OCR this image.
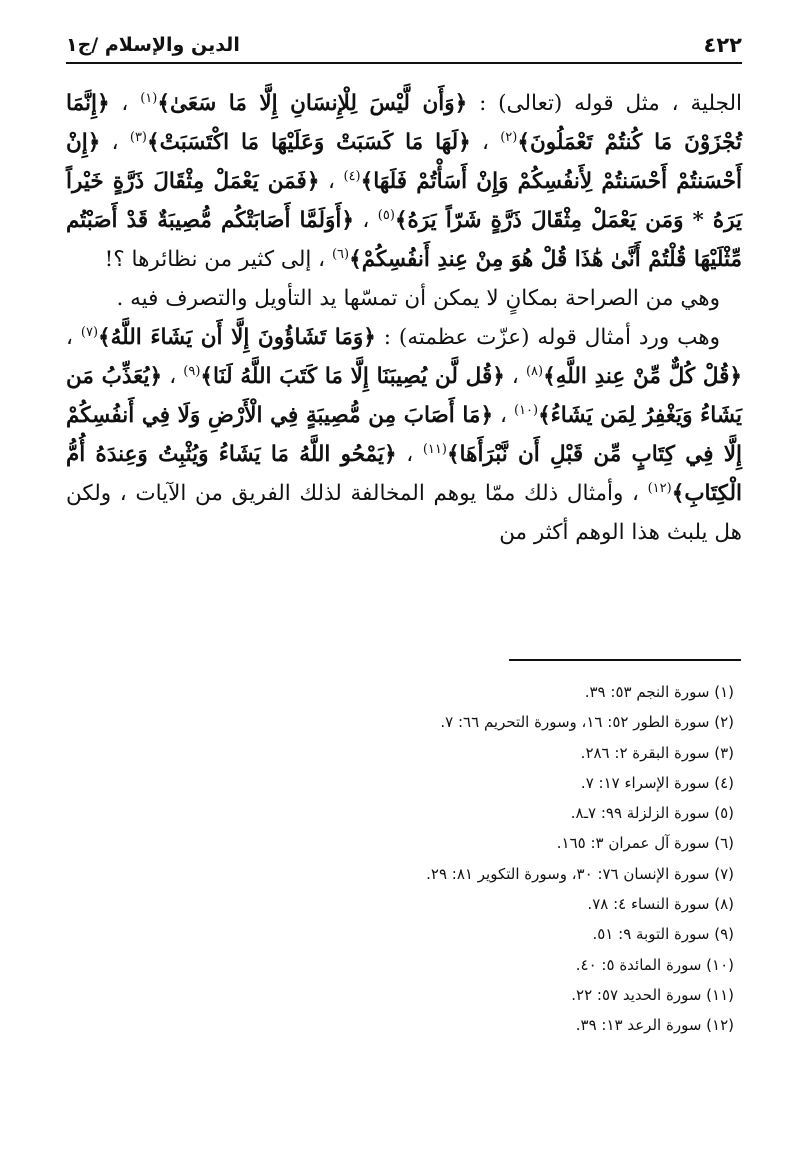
٤٢٢
الدين والإسلام /ج١

الجلية ، مثل قوله (تعالى) : ﴿وَأَن لَّيْسَ لِلْإِنسَانِ إِلَّا مَا سَعَىٰ﴾$^{(١)}$ ، ﴿إِنَّمَا تُجْزَوْنَ مَا كُنتُمْ تَعْمَلُونَ﴾$^{(٢)}$ ، ﴿لَهَا مَا كَسَبَتْ وَعَلَيْهَا مَا اكْتَسَبَتْ﴾$^{(٣)}$ ، ﴿إِنْ أَحْسَنتُمْ أَحْسَنتُمْ لِأَنفُسِكُمْ وَإِنْ أَسَأْتُمْ فَلَهَا﴾$^{(٤)}$ ، ﴿فَمَن يَعْمَلْ مِثْقَالَ ذَرَّةٍ خَيْراً يَرَهُ * وَمَن يَعْمَلْ مِثْقَالَ ذَرَّةٍ شَرّاً يَرَهُ﴾$^{(٥)}$ ، ﴿أَوَلَمَّا أَصَابَتْكُم مُّصِيبَةٌ قَدْ أَصَبْتُم مِّثْلَيْهَا قُلْتُمْ أَنَّىٰ هَٰذَا قُلْ هُوَ مِنْ عِندِ أَنفُسِكُمْ﴾$^{(٦)}$ ، إلى كثير من نظائرها ؟!

وهي من الصراحة بمكانٍ لا يمكن أن تمسّها يد التأويل والتصرف فيه .

وهب ورد أمثال قوله (عزّت عظمته) : ﴿وَمَا تَشَاؤُونَ إِلَّا أَن يَشَاءَ اللَّهُ﴾$^{(٧)}$ ، ﴿قُلْ كُلٌّ مِّنْ عِندِ اللَّهِ﴾$^{(٨)}$ ، ﴿قُل لَّن يُصِيبَنَا إِلَّا مَا كَتَبَ اللَّهُ لَنَا﴾$^{(٩)}$ ، ﴿يُعَذِّبُ مَن يَشَاءُ وَيَغْفِرُ لِمَن يَشَاءُ﴾$^{(١٠)}$ ، ﴿مَا أَصَابَ مِن مُّصِيبَةٍ فِي الْأَرْضِ وَلَا فِي أَنفُسِكُمْ إِلَّا فِي كِتَابٍ مِّن قَبْلِ أَن نَّبْرَأَهَا﴾$^{(١١)}$ ، ﴿يَمْحُو اللَّهُ مَا يَشَاءُ وَيُثْبِتُ وَعِندَهُ أُمُّ الْكِتَابِ﴾$^{(١٢)}$ ، وأمثال ذلك ممّا يوهم المخالفة لذلك الفريق من الآيات ، ولكن هل يلبث هذا الوهم أكثر من

(١) سورة النجم ٥٣: ٣٩.
(٢) سورة الطور ٥٢: ١٦، وسورة التحريم ٦٦: ٧.
(٣) سورة البقرة ٢: ٢٨٦.
(٤) سورة الإسراء ١٧: ٧.
(٥) سورة الزلزلة ٩٩: ٧ـ٨.
(٦) سورة آل عمران ٣: ١٦٥.
(٧) سورة الإنسان ٧٦: ٣٠، وسورة التكوير ٨١: ٢٩.
(٨) سورة النساء ٤: ٧٨.
(٩) سورة التوبة ٩: ٥١.
(١٠) سورة المائدة ٥: ٤٠.
(١١) سورة الحديد ٥٧: ٢٢.
(١٢) سورة الرعد ١٣: ٣٩.
